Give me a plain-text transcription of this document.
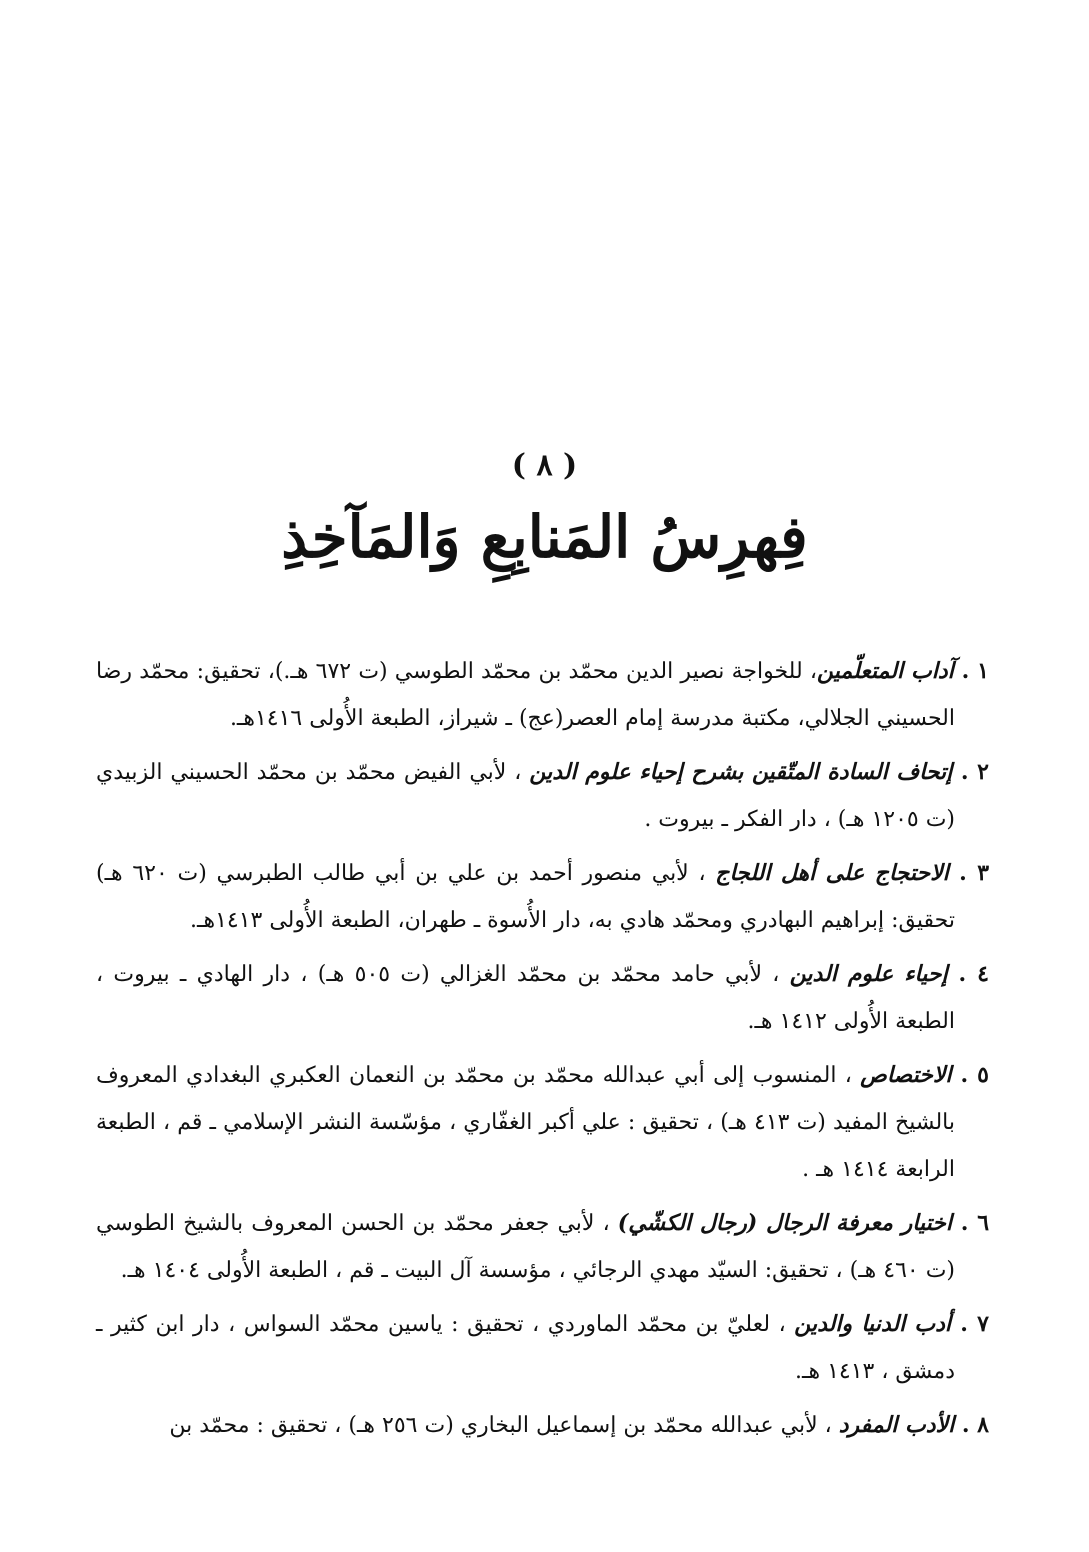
( ٨ )
فِهرِسُ المَنابِعِ وَالمَآخِذِ
١ . آداب المتعلّمين، للخواجة نصير الدين محمّد بن محمّد الطوسي (ت ٦٧٢ هـ.)، تحقيق: محمّد رضا الحسيني الجلالي، مكتبة مدرسة إمام العصر(عج) ـ شيراز، الطبعة الأُولى ١٤١٦هـ.
٢ . إتحاف السادة المتّقين بشرح إحياء علوم الدين ، لأبي الفيض محمّد بن محمّد الحسيني الزبيدي (ت ١٢٠٥ هـ) ، دار الفكر ـ بيروت .
٣ . الاحتجاج على أهل اللجاج ، لأبي منصور أحمد بن علي بن أبي طالب الطبرسي (ت ٦٢٠ هـ) تحقيق: إبراهيم البهادري ومحمّد هادي به، دار الأُسوة ـ طهران، الطبعة الأُولى ١٤١٣هـ.
٤ . إحياء علوم الدين ، لأبي حامد محمّد بن محمّد الغزالي (ت ٥٠٥ هـ) ، دار الهادي ـ بيروت ، الطبعة الأُولى ١٤١٢ هـ.
٥ . الاختصاص ، المنسوب إلى أبي عبدالله محمّد بن محمّد بن النعمان العكبري البغدادي المعروف بالشيخ المفيد (ت ٤١٣ هـ) ، تحقيق : علي أكبر الغفّاري ، مؤسّسة النشر الإسلامي ـ قم ، الطبعة الرابعة ١٤١٤ هـ .
٦ . اختيار معرفة الرجال (رجال الكشّي) ، لأبي جعفر محمّد بن الحسن المعروف بالشيخ الطوسي (ت ٤٦٠ هـ) ، تحقيق: السيّد مهدي الرجائي ، مؤسسة آل البيت ـ قم ، الطبعة الأُولى ١٤٠٤ هـ.
٧ . أدب الدنيا والدين ، لعليّ بن محمّد الماوردي ، تحقيق : ياسين محمّد السواس ، دار ابن كثير ـ دمشق ، ١٤١٣ هـ.
٨ . الأدب المفرد ، لأبي عبدالله محمّد بن إسماعيل البخاري (ت ٢٥٦ هـ) ، تحقيق : محمّد بن
